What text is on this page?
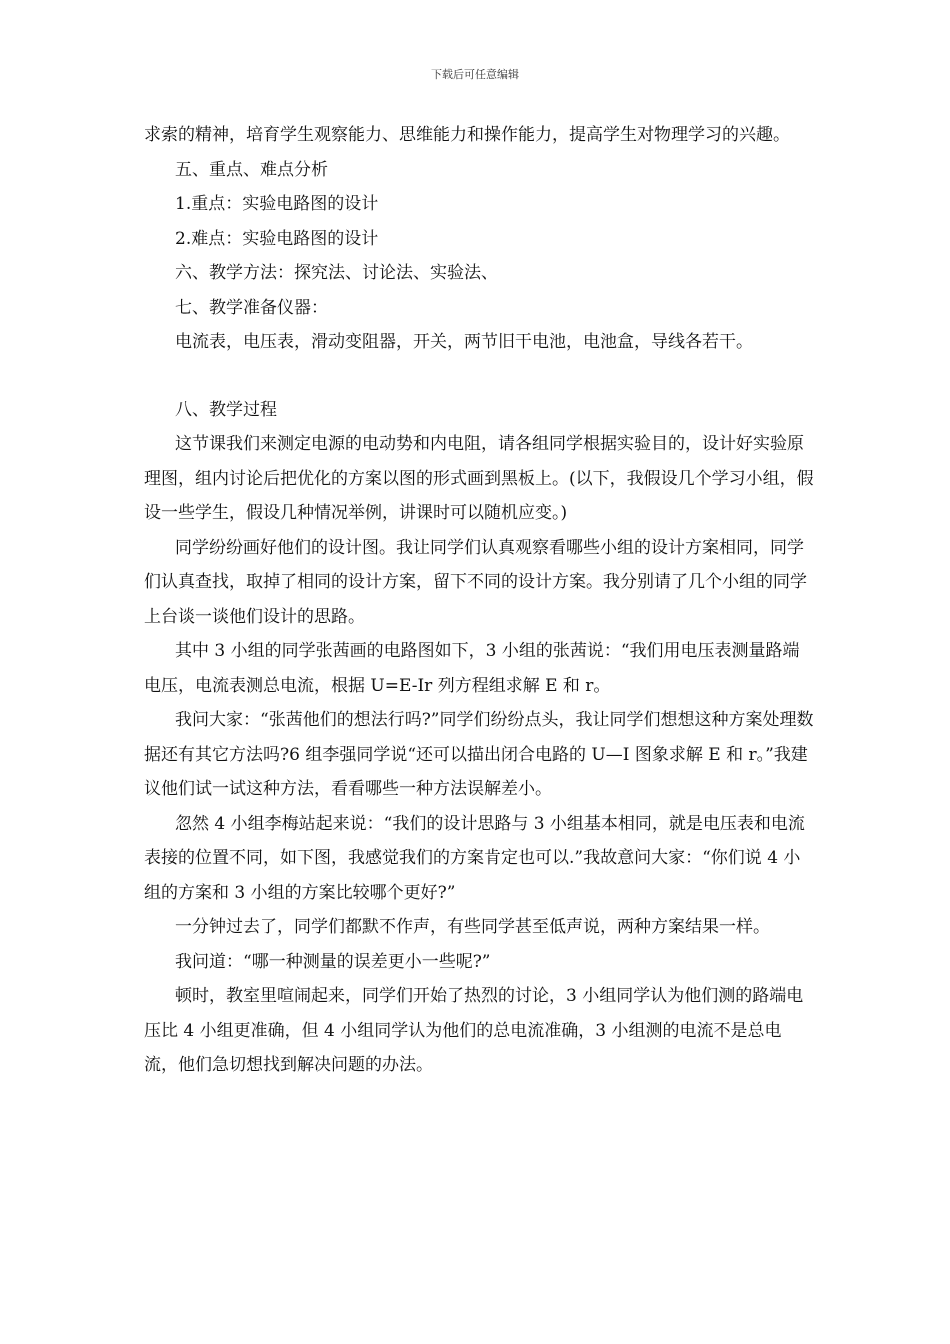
下载后可任意编辑

求索的精神，培育学生观察能力、思维能力和操作能力，提高学生对物理学习的兴趣。

五、重点、难点分析

1.重点：实验电路图的设计

2.难点：实验电路图的设计

六、教学方法：探究法、讨论法、实验法、

七、教学准备仪器：

电流表，电压表，滑动变阻器，开关，两节旧干电池，电池盒，导线各若干。

八、教学过程

这节课我们来测定电源的电动势和内电阻，请各组同学根据实验目的，设计好实验原理图，组内讨论后把优化的方案以图的形式画到黑板上。(以下，我假设几个学习小组，假设一些学生，假设几种情况举例，讲课时可以随机应变。)

同学纷纷画好他们的设计图。我让同学们认真观察看哪些小组的设计方案相同，同学们认真查找，取掉了相同的设计方案，留下不同的设计方案。我分别请了几个小组的同学上台谈一谈他们设计的思路。

其中 3 小组的同学张茜画的电路图如下，3 小组的张茜说：“我们用电压表测量路端电压，电流表测总电流，根据 U=E-Ir 列方程组求解 E 和 r。

我问大家：“张茜他们的想法行吗?”同学们纷纷点头，我让同学们想想这种方案处理数据还有其它方法吗?6 组李强同学说“还可以描出闭合电路的 U—I 图象求解 E 和 r。”我建议他们试一试这种方法，看看哪些一种方法误解差小。

忽然 4 小组李梅站起来说：“我们的设计思路与 3 小组基本相同，就是电压表和电流表接的位置不同，如下图，我感觉我们的方案肯定也可以.”我故意问大家：“你们说 4 小组的方案和 3 小组的方案比较哪个更好?”

一分钟过去了，同学们都默不作声，有些同学甚至低声说，两种方案结果一样。

我问道：“哪一种测量的误差更小一些呢?”

顿时，教室里喧闹起来，同学们开始了热烈的讨论，3 小组同学认为他们测的路端电压比 4 小组更准确，但 4 小组同学认为他们的总电流准确，3 小组测的电流不是总电流，他们急切想找到解决问题的办法。
